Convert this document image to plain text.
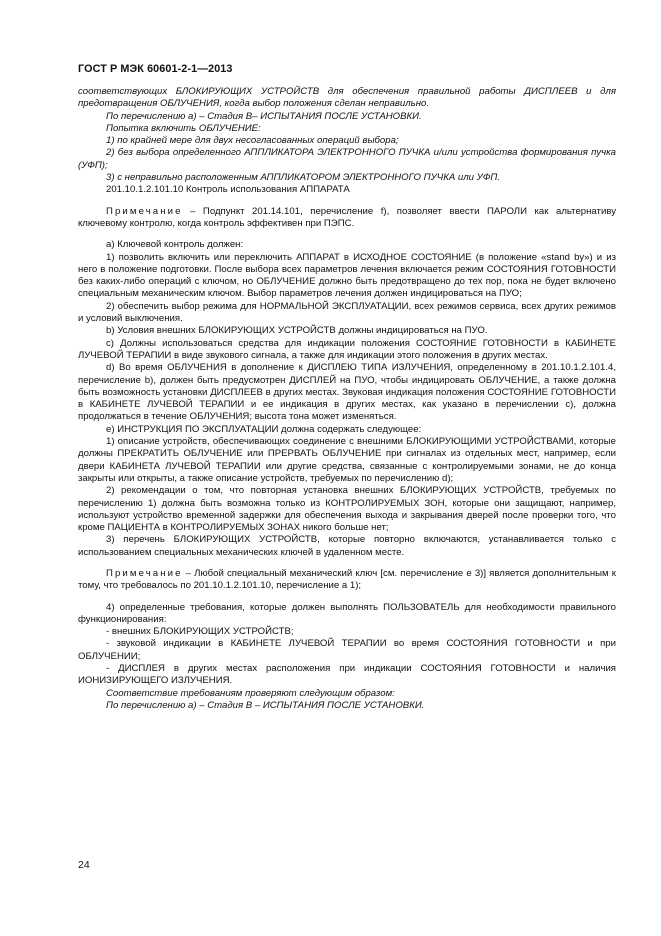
ГОСТ Р МЭК 60601-2-1—2013

соответствующих БЛОКИРУЮЩИХ УСТРОЙСТВ для обеспечения правильной работы ДИСПЛЕЕВ и для предотвращения ОБЛУЧЕНИЯ, когда выбор положения сделан неправильно.

По перечислению а) – Стадия B– ИСПЫТАНИЯ ПОСЛЕ УСТАНОВКИ.

Попытка включить ОБЛУЧЕНИЕ:

1) по крайней мере для двух несогласованных операций выбора;

2) без выбора определенного АППЛИКАТОРА ЭЛЕКТРОННОГО ПУЧКА и/или устройства формирования пучка (УФП);

3) с неправильно расположенным АППЛИКАТОРОМ ЭЛЕКТРОННОГО ПУЧКА или УФП.

201.10.1.2.101.10 Контроль использования АППАРАТА

Примечание – Подпункт 201.14.101, перечисление f), позволяет ввести ПАРОЛИ как альтернативу ключевому контролю, когда контроль эффективен при ПЭПС.

а) Ключевой контроль должен:

1) позволить включить или переключить АППАРАТ в ИСХОДНОЕ СОСТОЯНИЕ (в положение «stand by») и из него в положение подготовки. После выбора всех параметров лечения включается режим СОСТОЯНИЯ ГОТОВНОСТИ без каких-либо операций с ключом, но ОБЛУЧЕНИЕ должно быть предотвращено до тех пор, пока не будет включено специальным механическим ключом. Выбор параметров лечения должен индицироваться на ПУО;

2) обеспечить выбор режима для НОРМАЛЬНОЙ ЭКСПЛУАТАЦИИ, всех режимов сервиса, всех других режимов и условий выключения.

b) Условия внешних БЛОКИРУЮЩИХ УСТРОЙСТВ должны индицироваться на ПУО.

c) Должны использоваться средства для индикации положения СОСТОЯНИЕ ГОТОВНОСТИ в КАБИНЕТЕ ЛУЧЕВОЙ ТЕРАПИИ в виде звукового сигнала, а также для индикации этого положения в других местах.

d) Во время ОБЛУЧЕНИЯ в дополнение к ДИСПЛЕЮ ТИПА ИЗЛУЧЕНИЯ, определенному в 201.10.1.2.101.4, перечисление b), должен быть предусмотрен ДИСПЛЕЙ на ПУО, чтобы индицировать ОБЛУЧЕНИЕ, а также должна быть возможность установки ДИСПЛЕЕВ в других местах. Звуковая индикация положения СОСТОЯНИЕ ГОТОВНОСТИ в КАБИНЕТЕ ЛУЧЕВОЙ ТЕРАПИИ и ее индикация в других местах, как указано в перечислении с), должна продолжаться в течение ОБЛУЧЕНИЯ; высота тона может изменяться.

е) ИНСТРУКЦИЯ ПО ЭКСПЛУАТАЦИИ должна содержать следующее:

1) описание устройств, обеспечивающих соединение с внешними БЛОКИРУЮЩИМИ УСТРОЙСТВАМИ, которые должны ПРЕКРАТИТЬ ОБЛУЧЕНИЕ или ПРЕРВАТЬ ОБЛУЧЕНИЕ при сигналах из отдельных мест, например, если двери КАБИНЕТА ЛУЧЕВОЙ ТЕРАПИИ или другие средства, связанные с контролируемыми зонами, не до конца закрыты или открыты, а также описание устройств, требуемых по перечислению d);

2) рекомендации о том, что повторная установка внешних БЛОКИРУЮЩИХ УСТРОЙСТВ, требуемых по перечислению 1) должна быть возможна только из КОНТРОЛИРУЕМЫХ ЗОН, которые они защищают, например, используют устройство временной задержки для обеспечения выхода и закрывания дверей после проверки того, что кроме ПАЦИЕНТА в КОНТРОЛИРУЕМЫХ ЗОНАХ никого больше нет;

3) перечень БЛОКИРУЮЩИХ УСТРОЙСТВ, которые повторно включаются, устанавливается только с использованием специальных механических ключей в удаленном месте.

Примечание – Любой специальный механический ключ [см. перечисление е 3)] является дополнительным к тому, что требовалось по 201.10.1.2.101.10, перечисление а 1);

4) определенные требования, которые должен выполнять ПОЛЬЗОВАТЕЛЬ для необходимости правильного функционирования:

- внешних БЛОКИРУЮЩИХ УСТРОЙСТВ;

- звуковой индикации в КАБИНЕТЕ ЛУЧЕВОЙ ТЕРАПИИ во время СОСТОЯНИЯ ГОТОВНОСТИ и при ОБЛУЧЕНИИ;

- ДИСПЛЕЯ в других местах расположения при индикации СОСТОЯНИЯ ГОТОВНОСТИ и наличия ИОНИЗИРУЮЩЕГО ИЗЛУЧЕНИЯ.

Соответствие требованиям проверяют следующим образом:

По перечислению а) – Стадия B – ИСПЫТАНИЯ ПОСЛЕ УСТАНОВКИ.

24
